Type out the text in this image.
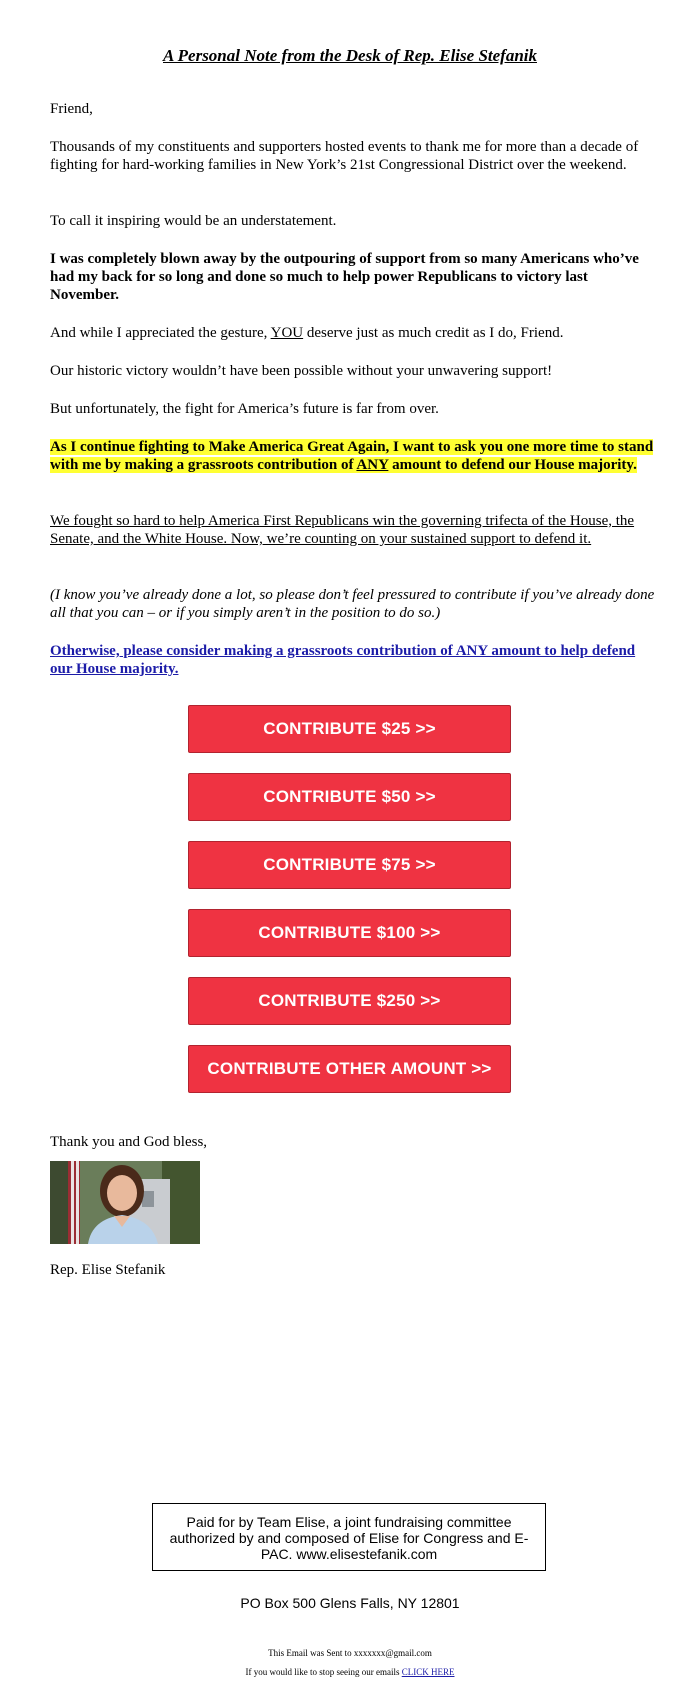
A Personal Note from the Desk of Rep. Elise Stefanik

Friend,

Thousands of my constituents and supporters hosted events to thank me for more than a decade of fighting for hard-working families in New York’s 21st Congressional District over the weekend.

To call it inspiring would be an understatement.

I was completely blown away by the outpouring of support from so many Americans who’ve had my back for so long and done so much to help power Republicans to victory last November.

And while I appreciated the gesture, YOU deserve just as much credit as I do, Friend.

Our historic victory wouldn’t have been possible without your unwavering support!

But unfortunately, the fight for America’s future is far from over.

As I continue fighting to Make America Great Again, I want to ask you one more time to stand with me by making a grassroots contribution of ANY amount to defend our House majority.

We fought so hard to help America First Republicans win the governing trifecta of the House, the Senate, and the White House. Now, we’re counting on your sustained support to defend it.

(I know you’ve already done a lot, so please don’t feel pressured to contribute if you’ve already done all that you can – or if you simply aren’t in the position to do so.)

Otherwise, please consider making a grassroots contribution of ANY amount to help defend our House majority.

CONTRIBUTE $25 >>
CONTRIBUTE $50 >>
CONTRIBUTE $75 >>
CONTRIBUTE $100 >>
CONTRIBUTE $250 >>
CONTRIBUTE OTHER AMOUNT >>

Thank you and God bless,

Rep. Elise Stefanik

Paid for by Team Elise, a joint fundraising committee authorized by and composed of Elise for Congress and E-PAC. www.elisestefanik.com
PO Box 500 Glens Falls, NY 12801
This Email was Sent to xxxxxxx@gmail.com
If you would like to stop seeing our emails CLICK HERE
